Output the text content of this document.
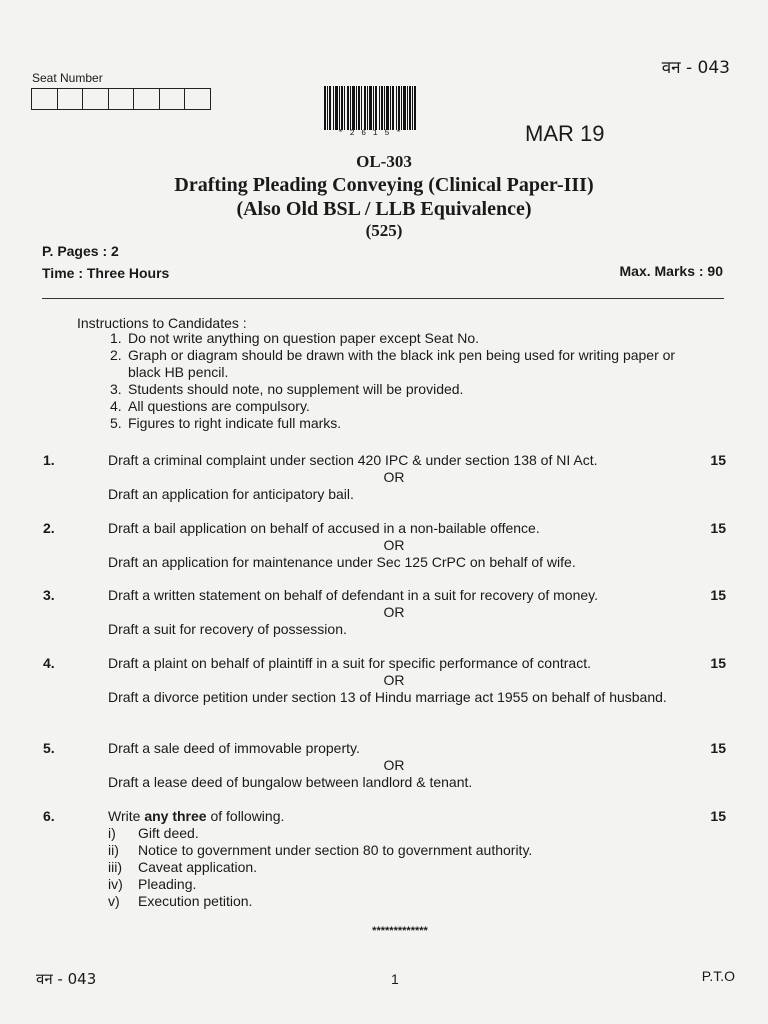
वन - 043
Seat Number
* 2 6 1 5 *	MAR 19
OL-303
Drafting Pleading Conveying (Clinical Paper-III)
(Also Old BSL / LLB Equivalence)
(525)
P. Pages : 2
Time : Three Hours	Max. Marks : 90
Instructions to Candidates :
1. Do not write anything on question paper except Seat No.
2. Graph or diagram should be drawn with the black ink pen being used for writing paper or black HB pencil.
3. Students should note, no supplement will be provided.
4. All questions are compulsory.
5. Figures to right indicate full marks.
1.	Draft a criminal complaint under section 420 IPC & under section 138 of NI Act.
OR
Draft an application for anticipatory bail.
15
2.	Draft a bail application on behalf of accused in a non-bailable offence.
OR
Draft an application for maintenance under Sec 125 CrPC on behalf of wife.
15
3.	Draft a written statement on behalf of defendant in a suit for recovery of money.
OR
Draft a suit for recovery of possession.
15
4.	Draft a plaint on behalf of plaintiff in a suit for specific performance of contract.
OR
Draft a divorce petition under section 13 of Hindu marriage act 1955 on behalf of husband.
15
5.	Draft a sale deed of immovable property.
OR
Draft a lease deed of bungalow between landlord & tenant.
15
6.	Write any three of following.
i)	Gift deed.
ii)	Notice to government under section 80 to government authority.
iii)	Caveat application.
iv)	Pleading.
v)	Execution petition.
15
*************
वन - 043	1	P.T.O
